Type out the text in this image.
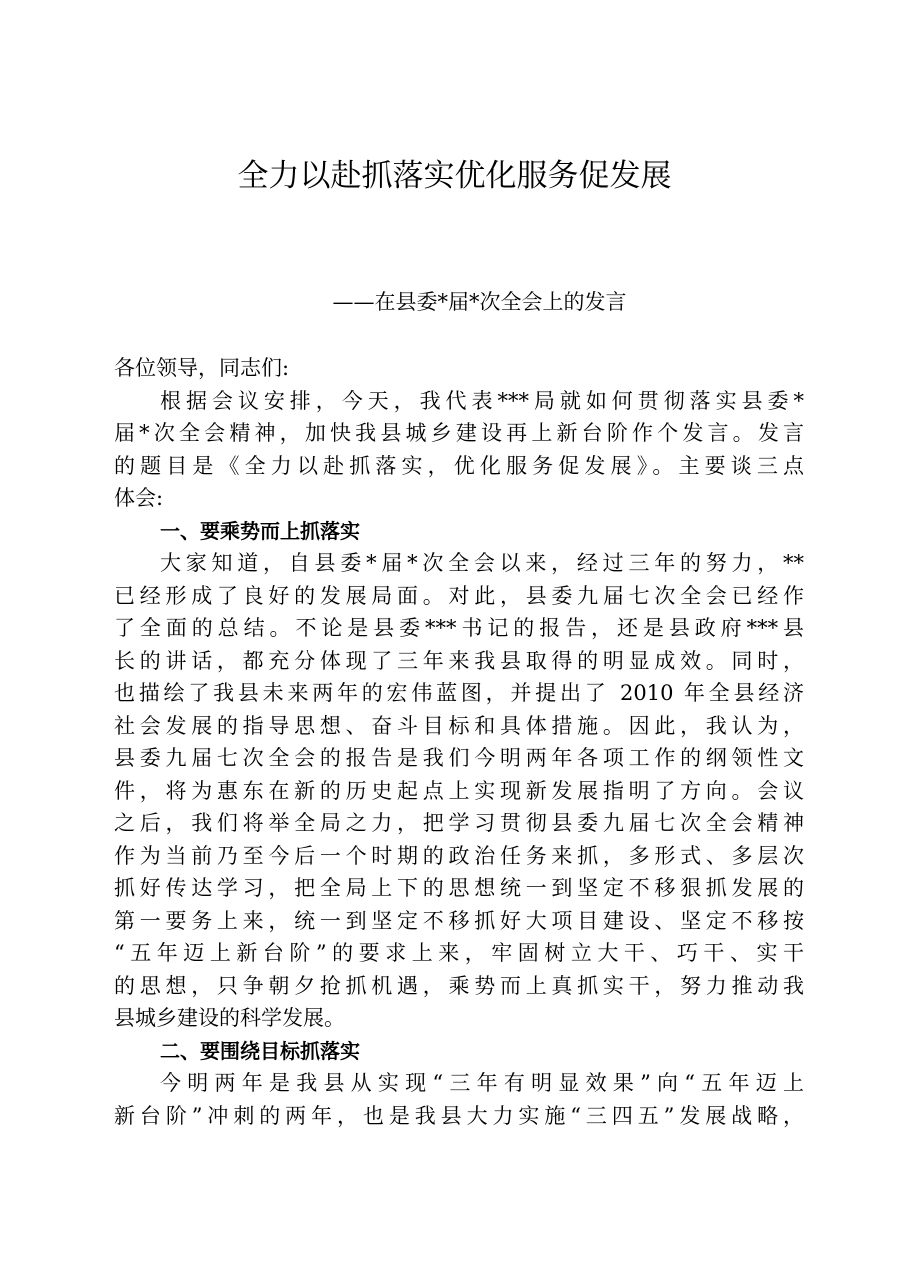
全力以赴抓落实优化服务促发展
——在县委*届*次全会上的发言
各位领导，同志们:
根据会议安排，今天，我代表***局就如何贯彻落实县委*
届*次全会精神，加快我县城乡建设再上新台阶作个发言。发言
的题目是《全力以赴抓落实，优化服务促发展》。主要谈三点
体会:
一、要乘势而上抓落实
大家知道，自县委*届*次全会以来，经过三年的努力，**
已经形成了良好的发展局面。对此，县委九届七次全会已经作
了全面的总结。不论是县委***书记的报告，还是县政府***县
长的讲话，都充分体现了三年来我县取得的明显成效。同时，
也描绘了我县未来两年的宏伟蓝图，并提出了 2010 年全县经济
社会发展的指导思想、奋斗目标和具体措施。因此，我认为，
县委九届七次全会的报告是我们今明两年各项工作的纲领性文
件，将为惠东在新的历史起点上实现新发展指明了方向。会议
之后，我们将举全局之力，把学习贯彻县委九届七次全会精神
作为当前乃至今后一个时期的政治任务来抓，多形式、多层次
抓好传达学习，把全局上下的思想统一到坚定不移狠抓发展的
第一要务上来，统一到坚定不移抓好大项目建设、坚定不移按
“五年迈上新台阶”的要求上来，牢固树立大干、巧干、实干
的思想，只争朝夕抢抓机遇，乘势而上真抓实干，努力推动我
县城乡建设的科学发展。
二、要围绕目标抓落实
今明两年是我县从实现“三年有明显效果”向“五年迈上
新台阶”冲刺的两年，也是我县大力实施“三四五”发展战略，
